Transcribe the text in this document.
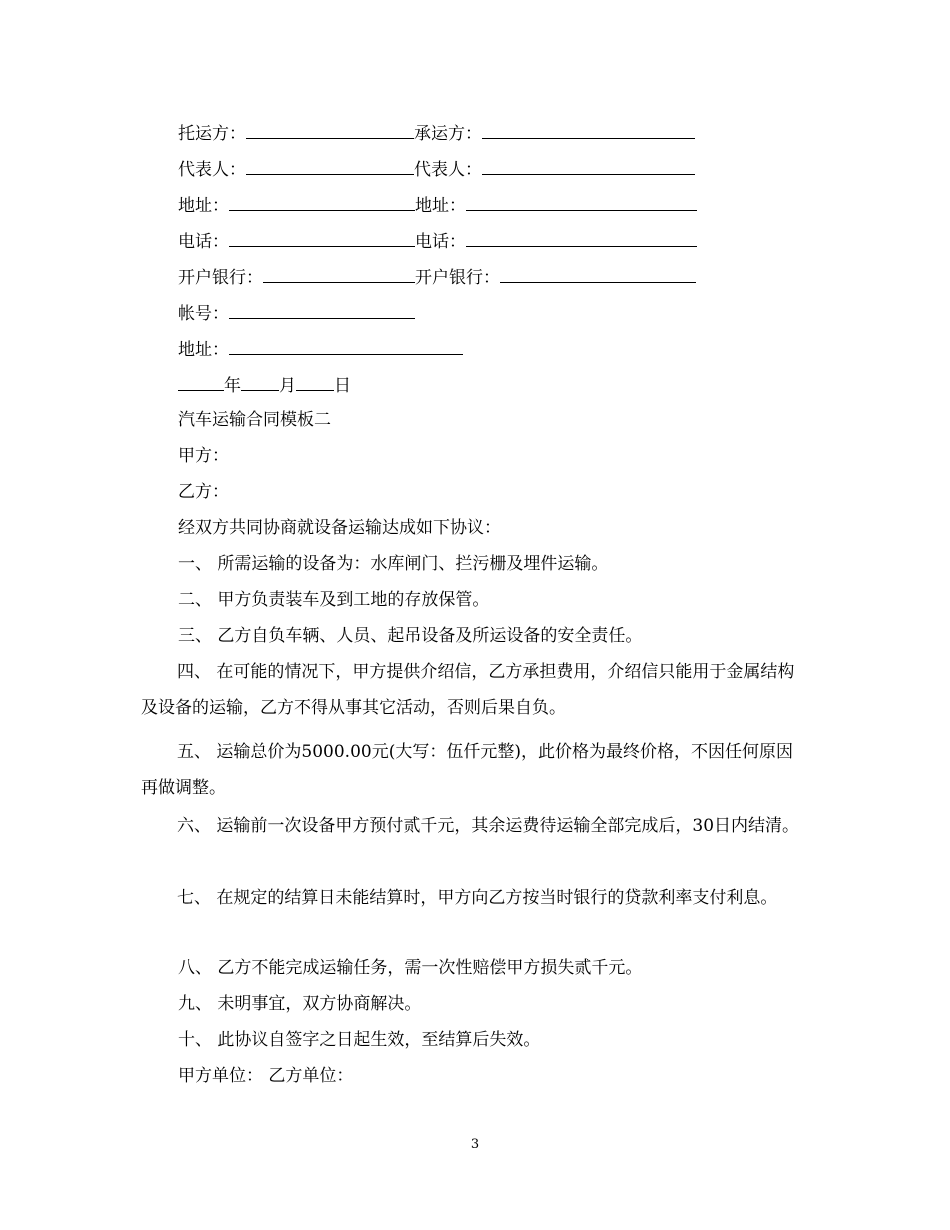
托运方：	承运方：
代表人：	代表人：
地址：	地址：
电话：	电话：
开户银行：	开户银行：
帐号：
地址：
年 月 日
汽车运输合同模板二
甲方：
乙方：
经双方共同协商就设备运输达成如下协议：
一、 所需运输的设备为：水库闸门、拦污栅及埋件运输。
二、 甲方负责装车及到工地的存放保管。
三、 乙方自负车辆、人员、起吊设备及所运设备的安全责任。
四、 在可能的情况下，甲方提供介绍信，乙方承担费用，介绍信只能用于金属结构及设备的运输，乙方不得从事其它活动，否则后果自负。
五、 运输总价为5000.00元(大写：伍仟元整)，此价格为最终价格，不因任何原因再做调整。
六、 运输前一次设备甲方预付贰千元，其余运费待运输全部完成后，30日内结清。
七、 在规定的结算日未能结算时，甲方向乙方按当时银行的贷款利率支付利息。
八、 乙方不能完成运输任务，需一次性赔偿甲方损失贰千元。
九、 未明事宜，双方协商解决。
十、 此协议自签字之日起生效，至结算后失效。
甲方单位： 乙方单位：
3
